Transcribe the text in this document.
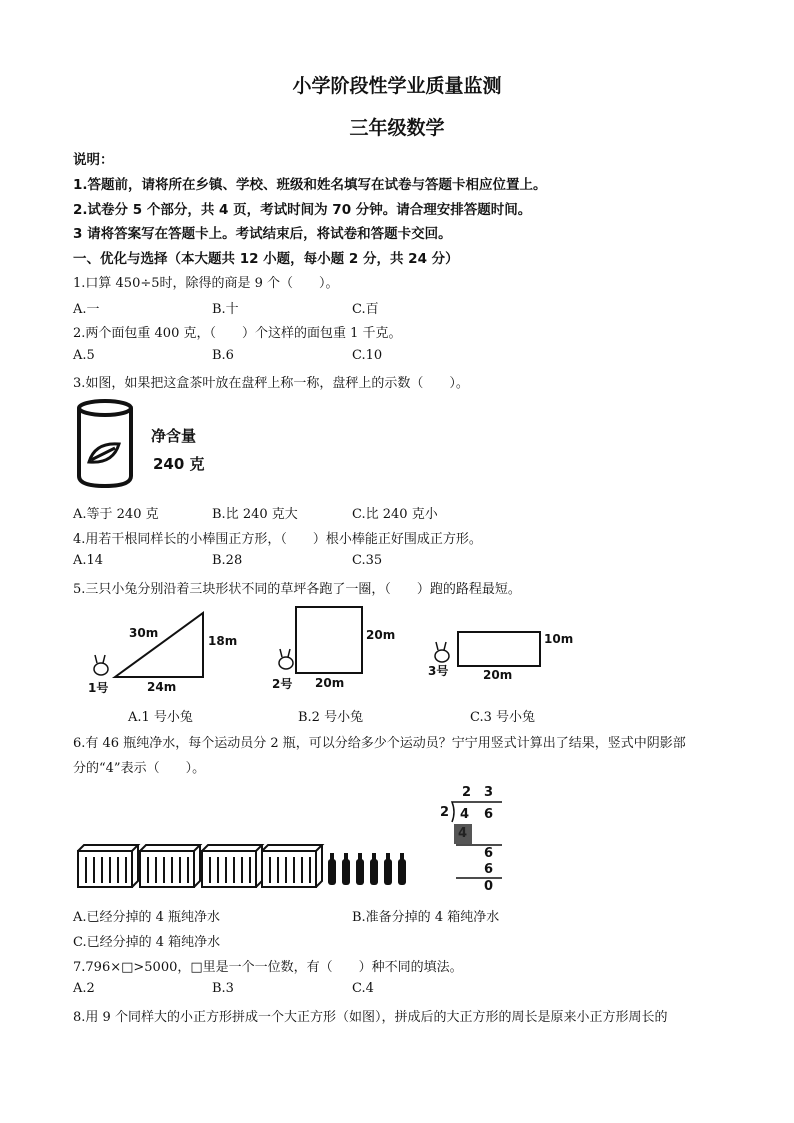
小学阶段性学业质量监测
三年级数学
说明：
1.答题前，请将所在乡镇、学校、班级和姓名填写在试卷与答题卡相应位置上。
2.试卷分 5 个部分，共 4 页，考试时间为 70 分钟。请合理安排答题时间。
3 请将答案写在答题卡上。考试结束后，将试卷和答题卡交回。
一、优化与选择（本大题共 12 小题，每小题 2 分，共 24 分）
1.口算 450÷5时，除得的商是 9 个（　　）。
A.一	B.十	C.百
2.两个面包重 400 克，（　　）个这样的面包重 1 千克。
A.5	B.6	C.10
3.如图，如果把这盒茶叶放在盘秤上称一称，盘秤上的示数（　　）。
净含量
240 克
A.等于 240 克	B.比 240 克大	C.比 240 克小
4.用若干根同样长的小棒围正方形，（　　）根小棒能正好围成正方形。
A.14	B.28	C.35
5.三只小兔分别沿着三块形状不同的草坪各跑了一圈，（　　）跑的路程最短。
30m
18m
24m
1号
20m
20m
2号
10m
20m
3号
A.1 号小兔	B.2 号小兔	C.3 号小兔
6.有 46 瓶纯净水，每个运动员分 2 瓶，可以分给多少个运动员？宁宁用竖式计算出了结果，竖式中阴影部
分的“4”表示（　　）。
2 3
2 4 6
4
6
6
0
A.已经分掉的 4 瓶纯净水	B.准备分掉的 4 箱纯净水
C.已经分掉的 4 箱纯净水
7.796×□>5000，□里是一个一位数，有（　　）种不同的填法。
A.2	B.3	C.4
8.用 9 个同样大的小正方形拼成一个大正方形（如图），拼成后的大正方形的周长是原来小正方形周长的
